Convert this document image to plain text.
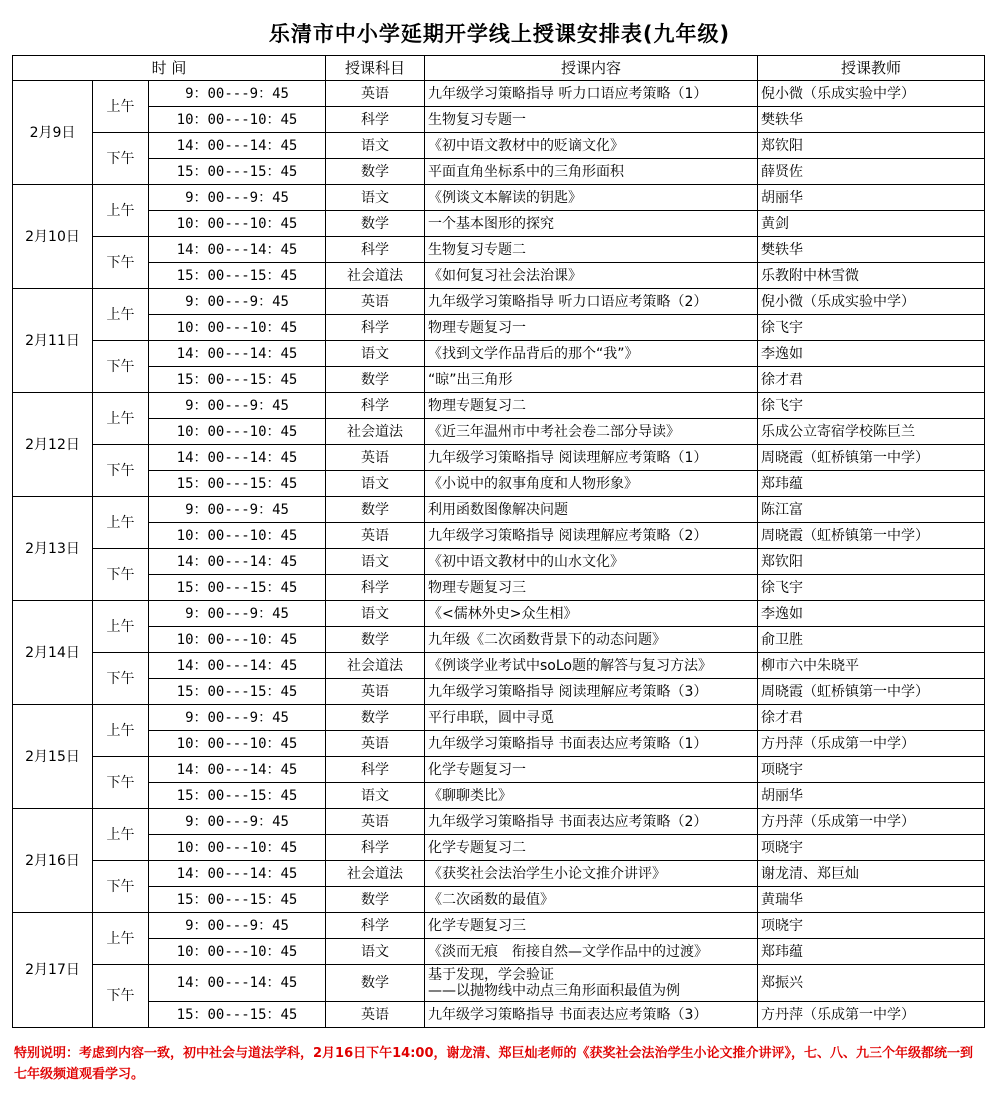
乐清市中小学延期开学线上授课安排表(九年级)
时 间			授课科目	授课内容	授课教师
2月9日	上午	9：00---9：45	英语	九年级学习策略指导 听力口语应考策略（1）	倪小微（乐成实验中学）
		10：00---10：45	科学	生物复习专题一	樊轶华
	下午	14：00---14：45	语文	《初中语文教材中的贬谪文化》	郑钦阳
		15：00---15：45	数学	平面直角坐标系中的三角形面积	薛贤佐
2月10日	上午	9：00---9：45	语文	《例谈文本解读的钥匙》	胡丽华
		10：00---10：45	数学	一个基本图形的探究	黄剑
	下午	14：00---14：45	科学	生物复习专题二	樊轶华
		15：00---15：45	社会道法	《如何复习社会法治课》	乐教附中林雪微
2月11日	上午	9：00---9：45	英语	九年级学习策略指导 听力口语应考策略（2）	倪小微（乐成实验中学）
		10：00---10：45	科学	物理专题复习一	徐飞宇
	下午	14：00---14：45	语文	《找到文学作品背后的那个“我”》	李逸如
		15：00---15：45	数学	“晾”出三角形	徐才君
2月12日	上午	9：00---9：45	科学	物理专题复习二	徐飞宇
		10：00---10：45	社会道法	《近三年温州市中考社会卷二部分导读》	乐成公立寄宿学校陈巨兰
	下午	14：00---14：45	英语	九年级学习策略指导 阅读理解应考策略（1）	周晓霞（虹桥镇第一中学）
		15：00---15：45	语文	《小说中的叙事角度和人物形象》	郑玮蕴
2月13日	上午	9：00---9：45	数学	利用函数图像解决问题	陈江富
		10：00---10：45	英语	九年级学习策略指导 阅读理解应考策略（2）	周晓霞（虹桥镇第一中学）
	下午	14：00---14：45	语文	《初中语文教材中的山水文化》	郑钦阳
		15：00---15：45	科学	物理专题复习三	徐飞宇
2月14日	上午	9：00---9：45	语文	《<儒林外史>众生相》	李逸如
		10：00---10：45	数学	九年级《二次函数背景下的动态问题》	俞卫胜
	下午	14：00---14：45	社会道法	《例谈学业考试中soLo题的解答与复习方法》	柳市六中朱晓平
		15：00---15：45	英语	九年级学习策略指导 阅读理解应考策略（3）	周晓霞（虹桥镇第一中学）
2月15日	上午	9：00---9：45	数学	平行串联，圆中寻觅	徐才君
		10：00---10：45	英语	九年级学习策略指导 书面表达应考策略（1）	方丹萍（乐成第一中学）
	下午	14：00---14：45	科学	化学专题复习一	项晓宇
		15：00---15：45	语文	《聊聊类比》	胡丽华
2月16日	上午	9：00---9：45	英语	九年级学习策略指导 书面表达应考策略（2）	方丹萍（乐成第一中学）
		10：00---10：45	科学	化学专题复习二	项晓宇
	下午	14：00---14：45	社会道法	《获奖社会法治学生小论文推介讲评》	谢龙清、郑巨灿
		15：00---15：45	数学	《二次函数的最值》	黄瑞华
2月17日	上午	9：00---9：45	科学	化学专题复习三	项晓宇
		10：00---10：45	语文	《淡而无痕　衔接自然—文学作品中的过渡》	郑玮蕴
	下午	14：00---14：45	数学	基于发现，学会验证
——以抛物线中动点三角形面积最值为例	郑振兴
		15：00---15：45	英语	九年级学习策略指导 书面表达应考策略（3）	方丹萍（乐成第一中学）
特别说明：考虑到内容一致，初中社会与道法学科，2月16日下午14:00，谢龙清、郑巨灿老师的《获奖社会法治学生小论文推介讲评》，七、八、九三个年级都统一到七年级频道观看学习。
